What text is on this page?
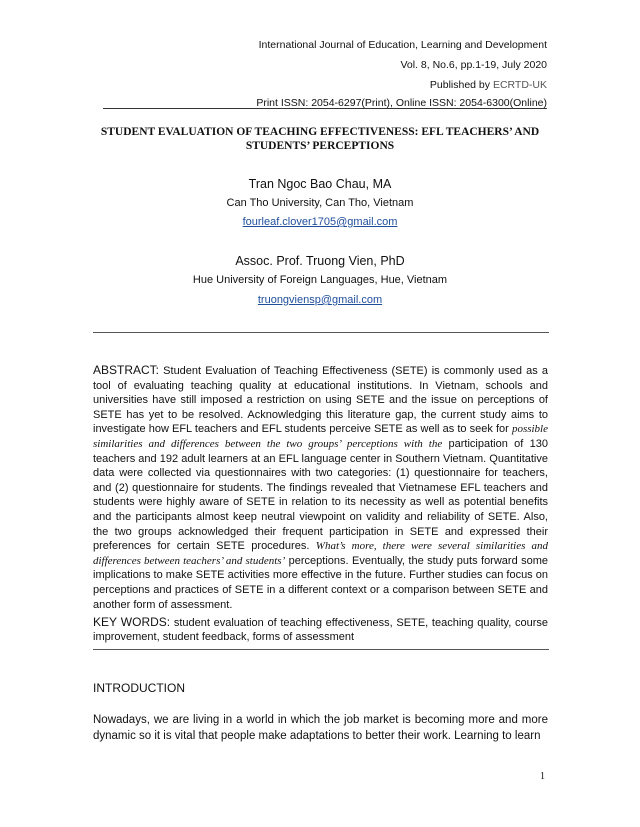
International Journal of Education, Learning and Development
Vol. 8, No.6, pp.1-19, July 2020
Published by ECRTD-UK
Print ISSN: 2054-6297(Print), Online ISSN: 2054-6300(Online)
STUDENT EVALUATION OF TEACHING EFFECTIVENESS: EFL TEACHERS’ AND STUDENTS’ PERCEPTIONS
Tran Ngoc Bao Chau, MA
Can Tho University, Can Tho, Vietnam
fourleaf.clover1705@gmail.com
Assoc. Prof. Truong Vien, PhD
Hue University of Foreign Languages, Hue, Vietnam
truongviensp@gmail.com

ABSTRACT: Student Evaluation of Teaching Effectiveness (SETE) is commonly used as a tool of evaluating teaching quality at educational institutions. In Vietnam, schools and universities have still imposed a restriction on using SETE and the issue on perceptions of SETE has yet to be resolved. Acknowledging this literature gap, the current study aims to investigate how EFL teachers and EFL students perceive SETE as well as to seek for possible similarities and differences between the two groups’ perceptions with the participation of 130 teachers and 192 adult learners at an EFL language center in Southern Vietnam. Quantitative data were collected via questionnaires with two categories: (1) questionnaire for teachers, and (2) questionnaire for students. The findings revealed that Vietnamese EFL teachers and students were highly aware of SETE in relation to its necessity as well as potential benefits and the participants almost keep neutral viewpoint on validity and reliability of SETE. Also, the two groups acknowledged their frequent participation in SETE and expressed their preferences for certain SETE procedures. What’s more, there were several similarities and differences between teachers’ and students’ perceptions. Eventually, the study puts forward some implications to make SETE activities more effective in the future. Further studies can focus on perceptions and practices of SETE in a different context or a comparison between SETE and another form of assessment.

KEY WORDS: student evaluation of teaching effectiveness, SETE, teaching quality, course improvement, student feedback, forms of assessment

INTRODUCTION

Nowadays, we are living in a world in which the job market is becoming more and more dynamic so it is vital that people make adaptations to better their work. Learning to learn

1
